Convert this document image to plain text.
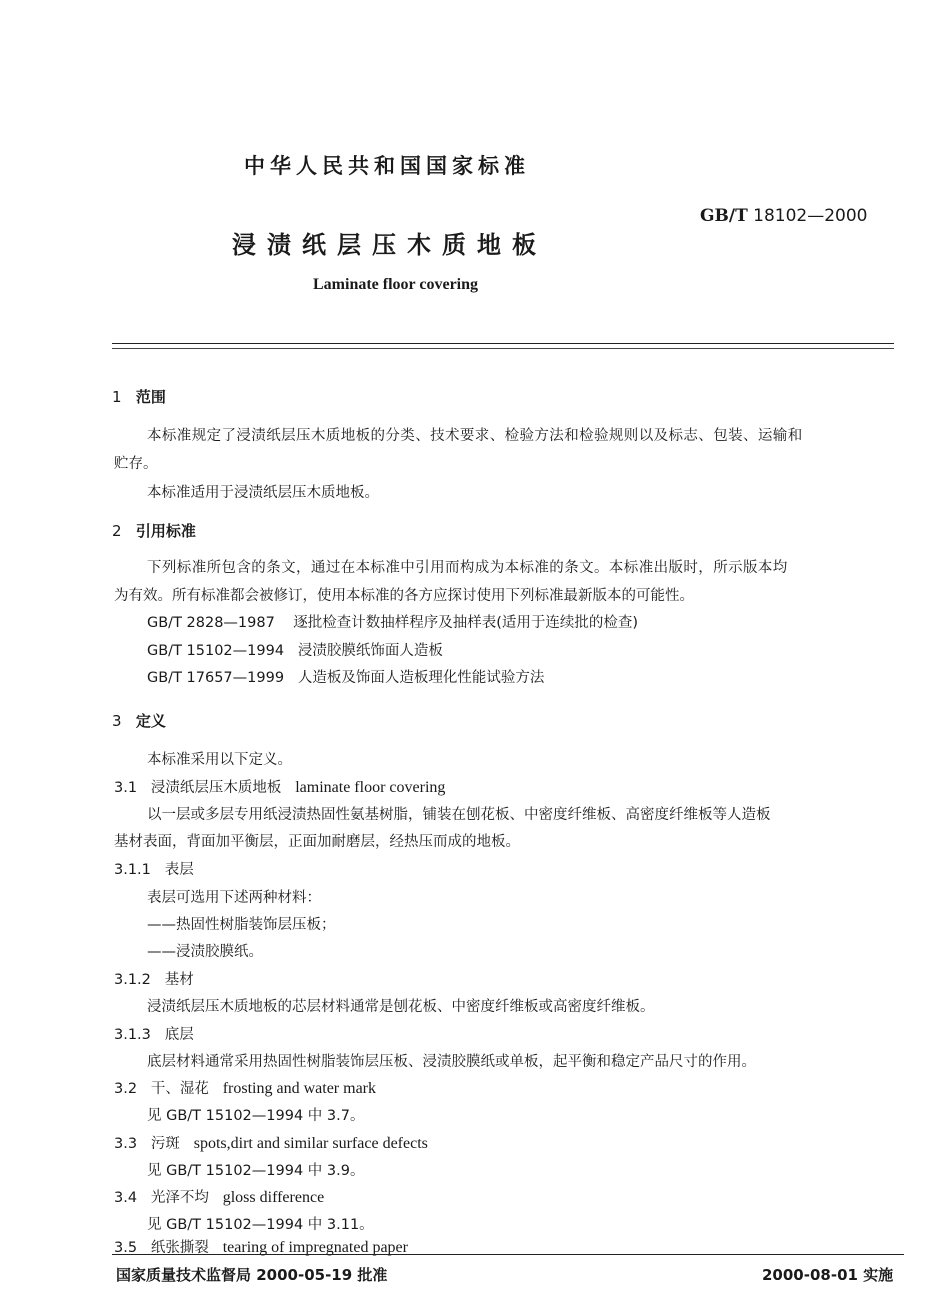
中华人民共和国国家标准
GB/T 18102—2000
浸渍纸层压木质地板
Laminate floor covering
1 范围
本标准规定了浸渍纸层压木质地板的分类、技术要求、检验方法和检验规则以及标志、包装、运输和
贮存。
本标准适用于浸渍纸层压木质地板。
2 引用标准
下列标准所包含的条文，通过在本标准中引用而构成为本标准的条文。本标准出版时，所示版本均
为有效。所有标准都会被修订，使用本标准的各方应探讨使用下列标准最新版本的可能性。
GB/T 2828—1987 逐批检查计数抽样程序及抽样表(适用于连续批的检查)
GB/T 15102—1994 浸渍胶膜纸饰面人造板
GB/T 17657—1999 人造板及饰面人造板理化性能试验方法
3 定义
本标准采用以下定义。
3.1 浸渍纸层压木质地板 laminate floor covering
以一层或多层专用纸浸渍热固性氨基树脂，铺装在刨花板、中密度纤维板、高密度纤维板等人造板
基材表面，背面加平衡层，正面加耐磨层，经热压而成的地板。
3.1.1 表层
表层可选用下述两种材料：
——热固性树脂装饰层压板；
——浸渍胶膜纸。
3.1.2 基材
浸渍纸层压木质地板的芯层材料通常是刨花板、中密度纤维板或高密度纤维板。
3.1.3 底层
底层材料通常采用热固性树脂装饰层压板、浸渍胶膜纸或单板，起平衡和稳定产品尺寸的作用。
3.2 干、湿花 frosting and water mark
见 GB/T 15102—1994 中 3.7。
3.3 污斑 spots,dirt and similar surface defects
见 GB/T 15102—1994 中 3.9。
3.4 光泽不均 gloss difference
见 GB/T 15102—1994 中 3.11。
3.5 纸张撕裂 tearing of impregnated paper
国家质量技术监督局 2000-05-19 批准	2000-08-01 实施
